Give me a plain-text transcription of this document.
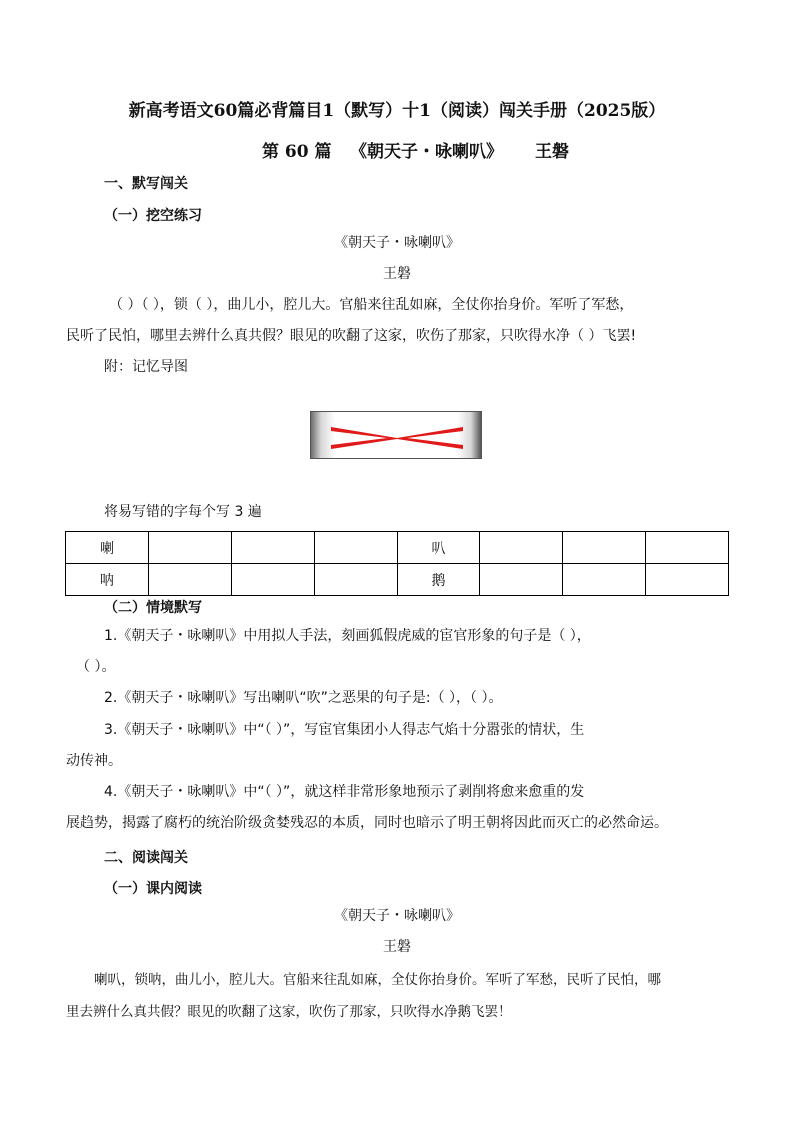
新高考语文60篇必背篇目1（默写）十1（阅读）闯关手册（2025版）
第 60 篇 《朝天子・咏喇叭》 王磐
一、默写闯关
（一）挖空练习
《朝天子・咏喇叭》
王磐
（ ）（ ），锁（ ），曲儿小，腔儿大。官船来往乱如麻，全仗你抬身价。军听了军愁，
民听了民怕，哪里去辨什么真共假？眼见的吹翻了这家，吹伤了那家，只吹得水净（ ）飞罢!
附：记忆导图
将易写错的字每个写 3 遍
喇				叭			
呐				鹅			
（二）情境默写
1.《朝天子・咏喇叭》中用拟人手法，刻画狐假虎威的宦官形象的句子是（ ），
（ ）。
2.《朝天子・咏喇叭》写出喇叭“吹”之恶果的句子是:（ ），（ ）。
3.《朝天子・咏喇叭》中“（ ）”，写宦官集团小人得志气焰十分嚣张的情状，生
动传神。
4.《朝天子・咏喇叭》中“（ ）”，就这样非常形象地预示了剥削将愈来愈重的发
展趋势，揭露了腐朽的统治阶级贪婪残忍的本质，同时也暗示了明王朝将因此而灭亡的必然命运。
二、阅读闯关
（一）课内阅读
《朝天子・咏喇叭》
王磐
喇叭，锁呐，曲儿小，腔儿大。官船来往乱如麻，全仗你抬身价。军听了军愁，民听了民怕，哪
里去辨什么真共假？眼见的吹翻了这家，吹伤了那家，只吹得水净鹅飞罢！
